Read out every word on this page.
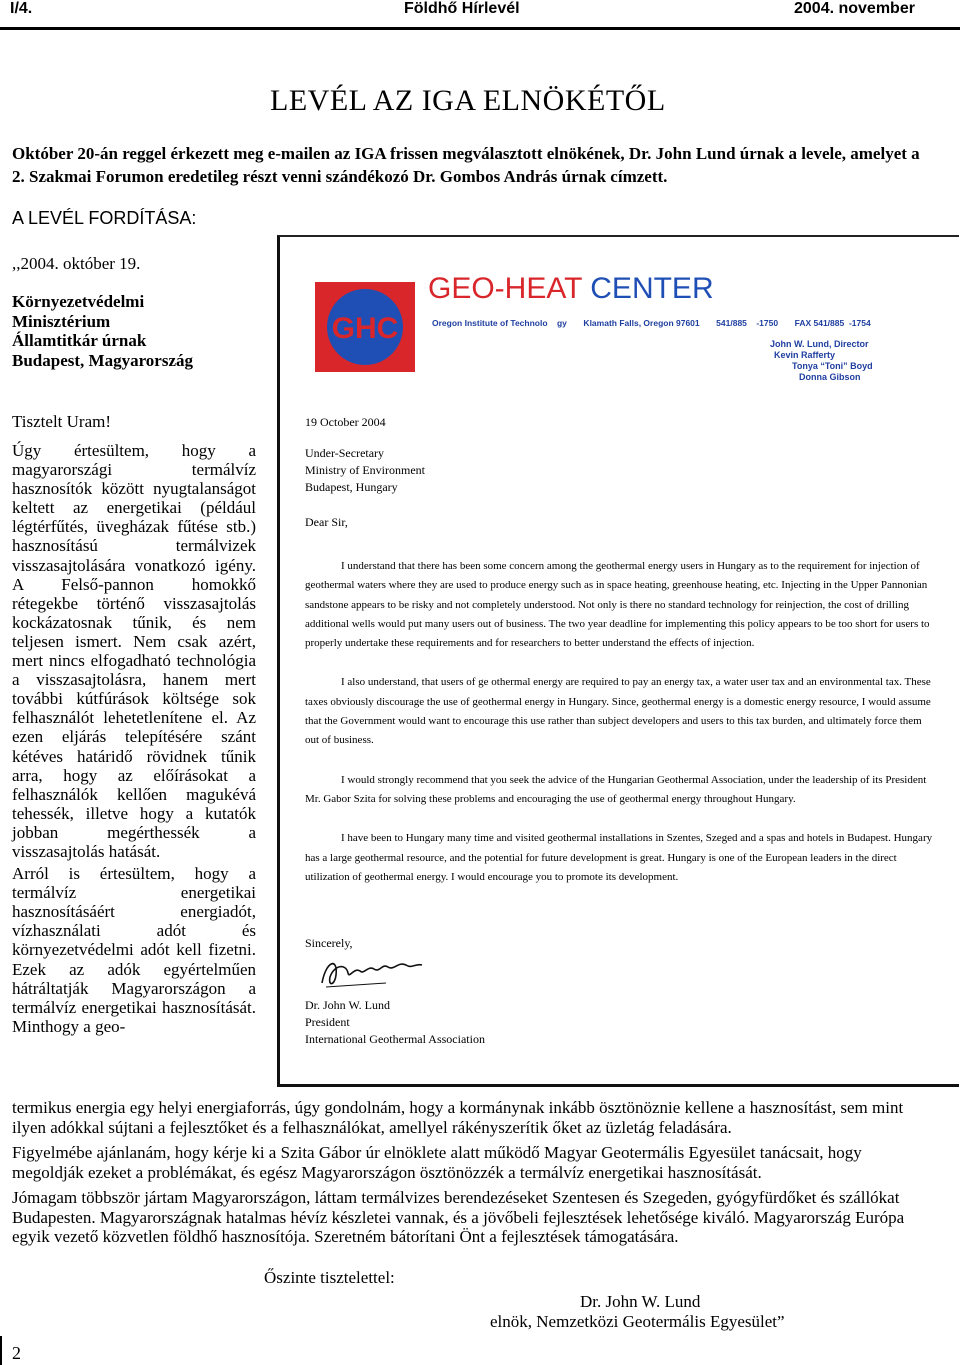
I/4.	Földhő Hírlevél	2004. november
LEVÉL AZ IGA ELNÖKÉTŐL
Október 20-án reggel érkezett meg e-mailen az IGA frissen megválasztott elnökének, Dr. John Lund úrnak a levele, amelyet a 2. Szakmai Forumon eredetileg részt venni szándékozó Dr. Gombos András úrnak címzett.
A LEVÉL FORDÍTÁSA:
,,2004. október 19.
Környezetvédelmi
Minisztérium
Államtitkár úrnak
Budapest, Magyarország
Tisztelt Uram!

Úgy értesültem, hogy a magyarországi termálvíz hasznosítók között nyugtalanságot keltett az energetikai (például légtérfűtés, üvegházak fűtése stb.) hasznosítású termálvizek visszasajtolására vonatkozó igény. A Felső-pannon homokkő rétegekbe történő visszasajtolás kockázatosnak tűnik, és nem teljesen ismert. Nem csak azért, mert nincs elfogadható technológia a visszasajtolásra, hanem mert további kútfúrások költsége sok felhasználót lehetetlenítene el. Az ezen eljárás telepítésére szánt kétéves határidő rövidnek tűnik arra, hogy az előírásokat a felhasználók kellően magukévá tehessék, illetve hogy a kutatók jobban megérthessék a visszasajtolás hatását.

Arról is értesültem, hogy a termálvíz energetikai hasznosításáért energiadót, vízhasználati adót és környezetvédelmi adót kell fizetni. Ezek az adók egyértelműen hátráltatják Magyarországon a termálvíz energetikai hasznosítását. Minthogy a geo-

termikus energia egy helyi energiaforrás, úgy gondolnám, hogy a kormánynak inkább ösztönöznie kellene a hasznosítást, sem mint ilyen adókkal sújtani a fejlesztőket és a felhasználókat, amellyel rákényszerítik őket az üzletág feladására.

Figyelmébe ajánlanám, hogy kérje ki a Szita Gábor úr elnöklete alatt működő Magyar Geotermális Egyesület tanácsait, hogy megoldják ezeket a problémákat, és egész Magyarországon ösztönözzék a termálvíz energetikai hasznosítását.

Jómagam többször jártam Magyarországon, láttam termálvizes berendezéseket Szentesen és Szegeden, gyógyfürdőket és szállókat Budapesten. Magyarországnak hatalmas hévíz készletei vannak, és a jövőbeli fejlesztések lehetősége kiváló. Magyarország Európa egyik vezető közvetlen földhő hasznosítója. Szeretném bátorítani Önt a fejlesztések támogatására.

Őszinte tisztelettel:
Dr. John W. Lund
elnök, Nemzetközi Geotermális Egyesület”
GHC
GEO-HEAT CENTER
Oregon Institute of Technolo    gy       Klamath Falls, Oregon 97601       541/885    -1750       FAX 541/885  -1754
John W. Lund, Director
Kevin Rafferty
Tonya “Toni” Boyd
Donna Gibson
19 October 2004
Under-Secretary
Ministry of Environment
Budapest, Hungary
Dear Sir,

I understand that there has been some concern among the geothermal energy users in Hungary as to the requirement for injection of geothermal waters where they are used to produce energy such as in space heating, greenhouse heating, etc. Injecting in the Upper Pannonian sandstone appears to be risky and not completely understood. Not only is there no standard technology for reinjection, the cost of drilling additional wells would put many users out of business. The two year deadline for implementing this policy appears to be too short for users to properly undertake these requirements and for researchers to better understand the effects of injection.

I also understand, that users of ge othermal energy are required to pay an energy tax, a water user tax and an environmental tax. These taxes obviously discourage the use of geothermal energy in Hungary. Since, geothermal energy is a domestic energy resource, I would assume that the Government would want to encourage this use rather than subject developers and users to this tax burden, and ultimately force them out of business.

I would strongly recommend that you seek the advice of the Hungarian Geothermal Association, under the leadership of its President Mr. Gabor Szita for solving these problems and encouraging the use of geothermal energy throughout Hungary.

I have been to Hungary many time and visited geothermal installations in Szentes, Szeged and a spas and hotels in Budapest. Hungary has a large geothermal resource, and the potential for future development is great. Hungary is one of the European leaders in the direct utilization of geothermal energy. I would encourage you to promote its development.

Sincerely,
Dr. John W. Lund
President
International Geothermal Association
2
